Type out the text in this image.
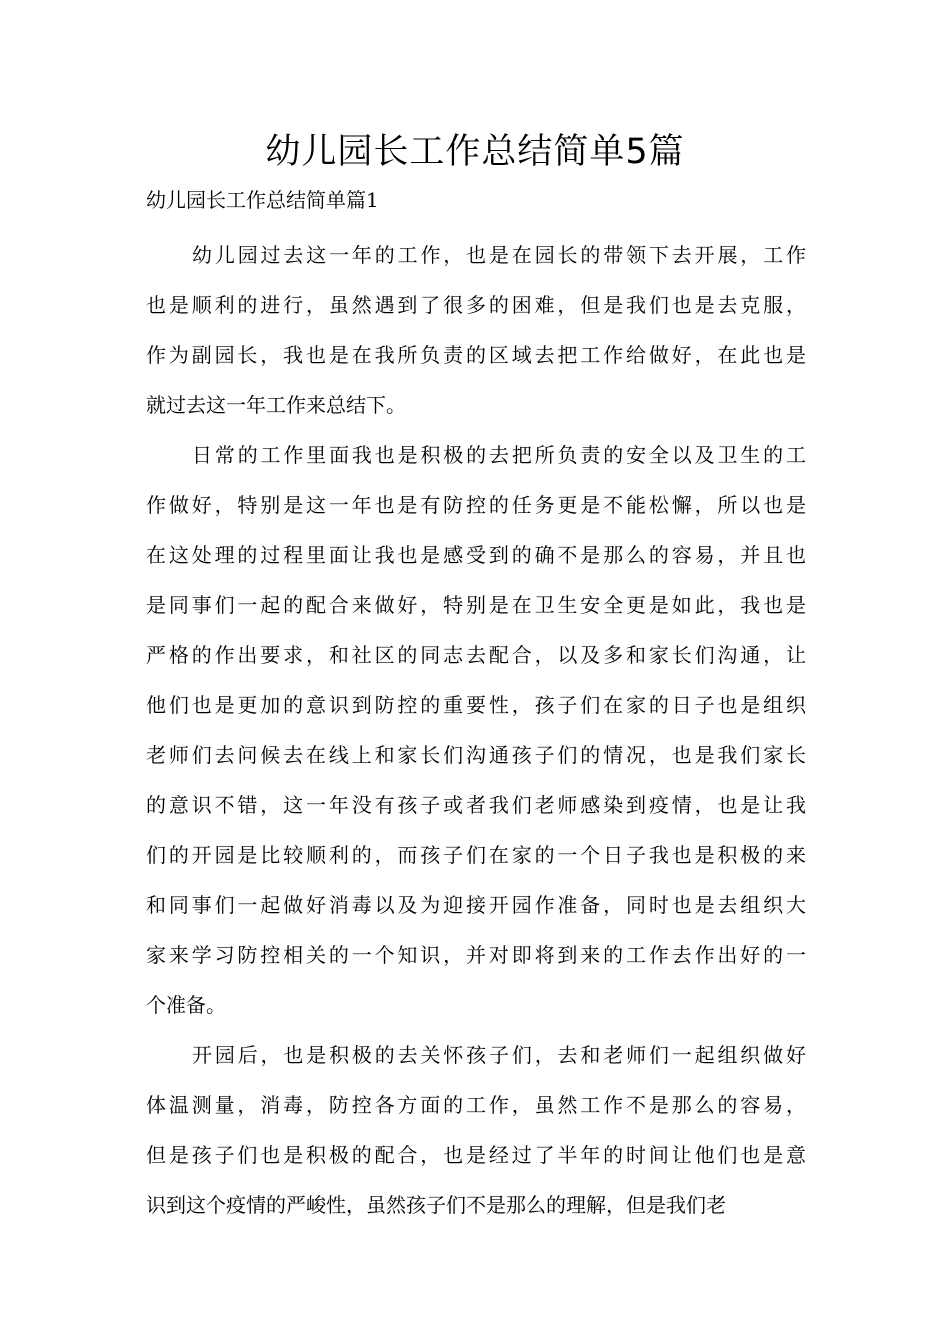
幼儿园长工作总结简单5篇
幼儿园长工作总结简单篇1

幼儿园过去这一年的工作，也是在园长的带领下去开展，工作
也是顺利的进行，虽然遇到了很多的困难，但是我们也是去克服，
作为副园长，我也是在我所负责的区域去把工作给做好，在此也是
就过去这一年工作来总结下。

日常的工作里面我也是积极的去把所负责的安全以及卫生的工
作做好，特别是这一年也是有防控的任务更是不能松懈，所以也是
在这处理的过程里面让我也是感受到的确不是那么的容易，并且也
是同事们一起的配合来做好，特别是在卫生安全更是如此，我也是
严格的作出要求，和社区的同志去配合，以及多和家长们沟通，让
他们也是更加的意识到防控的重要性，孩子们在家的日子也是组织
老师们去问候去在线上和家长们沟通孩子们的情况，也是我们家长
的意识不错，这一年没有孩子或者我们老师感染到疫情，也是让我
们的开园是比较顺利的，而孩子们在家的一个日子我也是积极的来
和同事们一起做好消毒以及为迎接开园作准备，同时也是去组织大
家来学习防控相关的一个知识，并对即将到来的工作去作出好的一
个准备。

开园后，也是积极的去关怀孩子们，去和老师们一起组织做好
体温测量，消毒，防控各方面的工作，虽然工作不是那么的容易，
但是孩子们也是积极的配合，也是经过了半年的时间让他们也是意
识到这个疫情的严峻性，虽然孩子们不是那么的理解，但是我们老
